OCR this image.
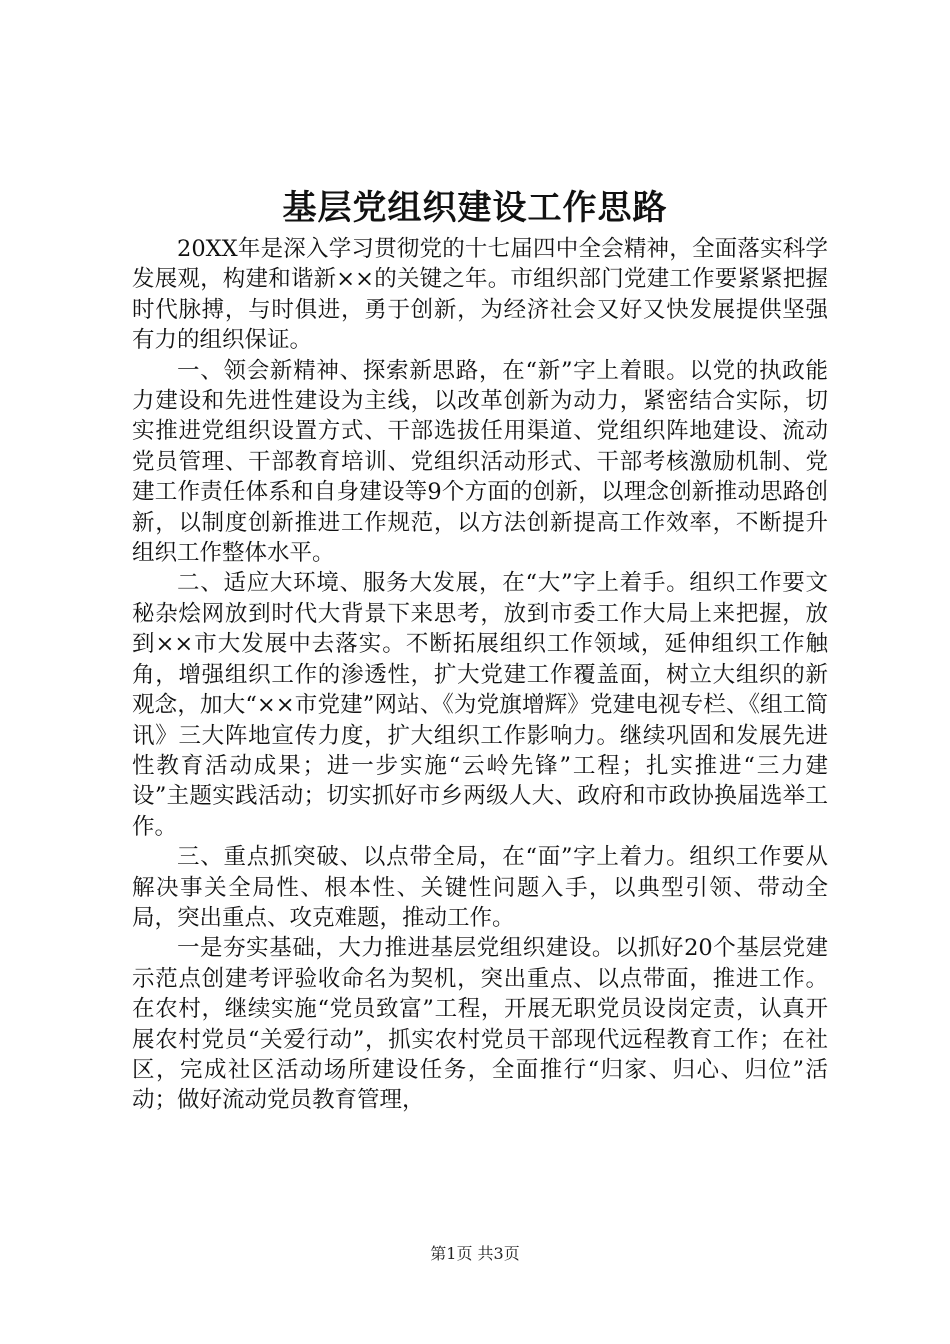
基层党组织建设工作思路

20XX年是深入学习贯彻党的十七届四中全会精神，全面落实科学发展观，构建和谐新××的关键之年。市组织部门党建工作要紧紧把握时代脉搏，与时俱进，勇于创新，为经济社会又好又快发展提供坚强有力的组织保证。

一、领会新精神、探索新思路，在“新”字上着眼。以党的执政能力建设和先进性建设为主线，以改革创新为动力，紧密结合实际，切实推进党组织设置方式、干部选拔任用渠道、党组织阵地建设、流动党员管理、干部教育培训、党组织活动形式、干部考核激励机制、党建工作责任体系和自身建设等9个方面的创新，以理念创新推动思路创新，以制度创新推进工作规范，以方法创新提高工作效率，不断提升组织工作整体水平。

二、适应大环境、服务大发展，在“大”字上着手。组织工作要文秘杂烩网放到时代大背景下来思考，放到市委工作大局上来把握，放到××市大发展中去落实。不断拓展组织工作领域，延伸组织工作触角，增强组织工作的渗透性，扩大党建工作覆盖面，树立大组织的新观念，加大“××市党建”网站、《为党旗增辉》党建电视专栏、《组工简讯》三大阵地宣传力度，扩大组织工作影响力。继续巩固和发展先进性教育活动成果；进一步实施“云岭先锋”工程；扎实推进“三力建设”主题实践活动；切实抓好市乡两级人大、政府和市政协换届选举工作。

三、重点抓突破、以点带全局，在“面”字上着力。组织工作要从解决事关全局性、根本性、关键性问题入手，以典型引领、带动全局，突出重点、攻克难题，推动工作。

一是夯实基础，大力推进基层党组织建设。以抓好20个基层党建示范点创建考评验收命名为契机，突出重点、以点带面，推进工作。在农村，继续实施“党员致富”工程，开展无职党员设岗定责，认真开展农村党员“关爱行动”，抓实农村党员干部现代远程教育工作；在社区，完成社区活动场所建设任务，全面推行“归家、归心、归位”活动；做好流动党员教育管理，

第1页 共3页
